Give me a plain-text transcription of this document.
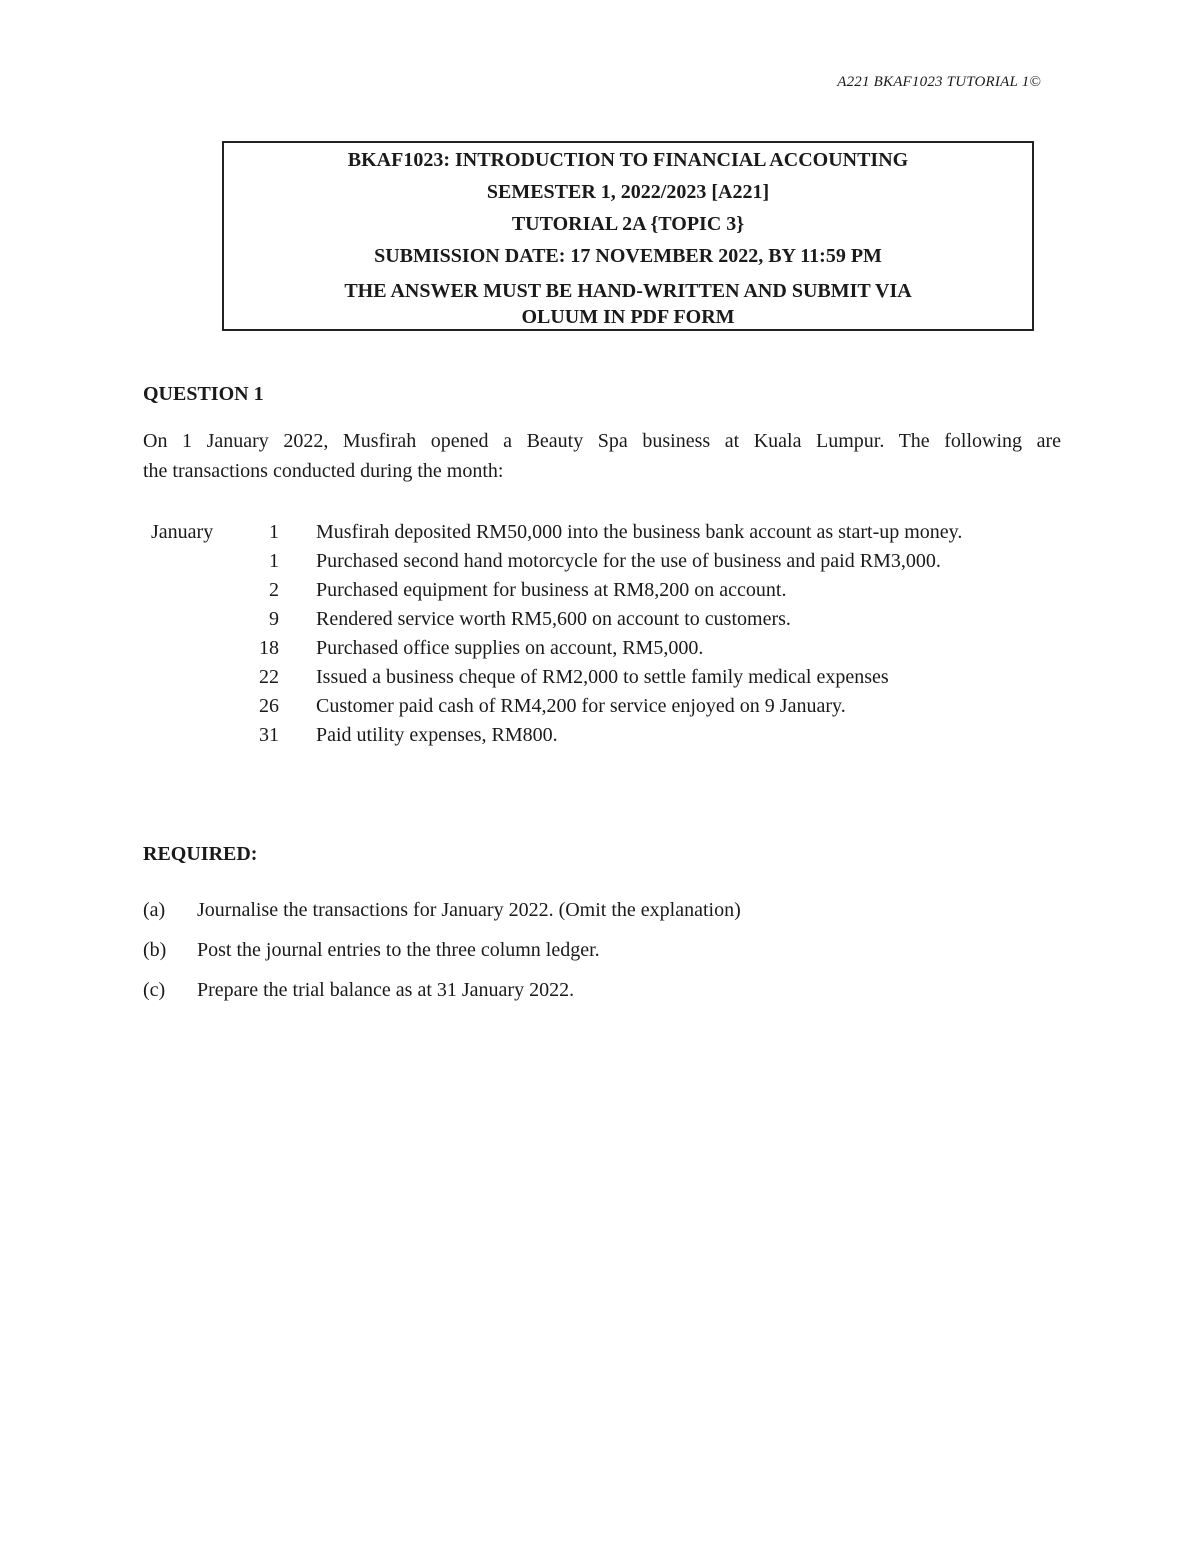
A221 BKAF1023 TUTORIAL 1©
BKAF1023: INTRODUCTION TO FINANCIAL ACCOUNTING
SEMESTER 1, 2022/2023 [A221]
TUTORIAL 2A {TOPIC 3}
SUBMISSION DATE: 17 NOVEMBER 2022, BY 11:59 PM
THE ANSWER MUST BE HAND-WRITTEN AND SUBMIT VIA
OLUUM IN PDF FORM
QUESTION 1
On 1 January 2022, Musfirah opened a Beauty Spa business at Kuala Lumpur. The following are
the transactions conducted during the month:
January	1 Musfirah deposited RM50,000 into the business bank account as start-up money.
1 Purchased second hand motorcycle for the use of business and paid RM3,000.
2 Purchased equipment for business at RM8,200 on account.
9 Rendered service worth RM5,600 on account to customers.
18 Purchased office supplies on account, RM5,000.
22 Issued a business cheque of RM2,000 to settle family medical expenses
26 Customer paid cash of RM4,200 for service enjoyed on 9 January.
31 Paid utility expenses, RM800.
REQUIRED:
(a)	Journalise the transactions for January 2022. (Omit the explanation)
(b)	Post the journal entries to the three column ledger.
(c)	Prepare the trial balance as at 31 January 2022.
